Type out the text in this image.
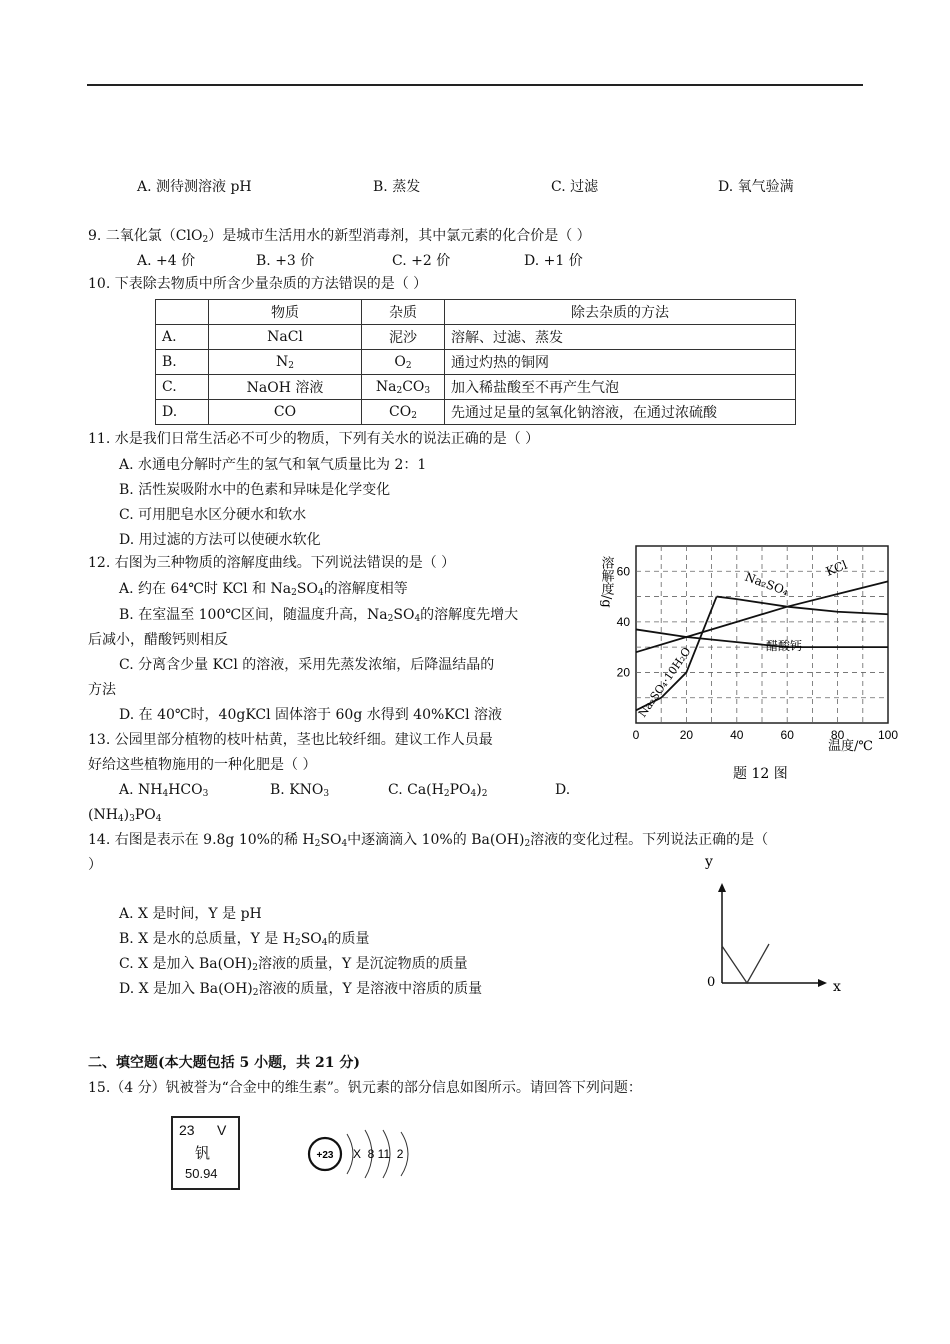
A. 测待测溶液 pH	B. 蒸发	C. 过滤	D. 氧气验满
9. 二氧化氯（ClO$_2$）是城市生活用水的新型消毒剂，其中氯元素的化合价是（ ）
A. +4 价	B. +3 价	C. +2 价	D. +1 价
10. 下表除去物质中所含少量杂质的方法错误的是（ ）
	物质	杂质	除去杂质的方法
A.	NaCl	泥沙	溶解、过滤、蒸发
B.	$N_2$	$O_2$	通过灼热的铜网
C.	NaOH 溶液	$Na_2CO_3$	加入稀盐酸至不再产生气泡
D.	CO	$CO_2$	先通过足量的氢氧化钠溶液，在通过浓硫酸
11. 水是我们日常生活必不可少的物质，下列有关水的说法正确的是（ ）
A. 水通电分解时产生的氢气和氧气质量比为 2：1
B. 活性炭吸附水中的色素和异味是化学变化
C. 可用肥皂水区分硬水和软水
D. 用过滤的方法可以使硬水软化
12. 右图为三种物质的溶解度曲线。下列说法错误的是（ ）
A. 约在 64℃时 KCl 和 $Na_2SO_4$的溶解度相等
B. 在室温至 100℃区间，随温度升高，$Na_2SO_4$的溶解度先增大
后减小，醋酸钙则相反
C. 分离含少量 KCl 的溶液，采用先蒸发浓缩，后降温结晶的
方法
D. 在 40℃时，40gKCl 固体溶于 60g 水得到 40%KCl 溶液
溶解度/g
0	20	40	60	80	100
20
40
60
温度/℃
题 12 图
Na₂SO₄
KCl
醋酸钙
Na₂SO₄·10H₂O
13. 公园里部分植物的枝叶枯黄，茎也比较纤细。建议工作人员最
好给这些植物施用的一种化肥是（ ）
A. $NH_4HCO_3$	B. $KNO_3$	C. $Ca(H_2PO_4)_2$	D.
$(NH_4)_3PO_4$
14. 右图是表示在 9.8g 10%的稀 $H_2SO_4$中逐滴滴入 10%的 $Ba(OH)_2$溶液的变化过程。下列说法正确的是（
）
A. X 是时间，Y 是 pH
B. X 是水的总质量，Y 是 $H_2SO_4$的质量
C. X 是加入 $Ba(OH)_2$溶液的质量，Y 是沉淀物质的质量
D. X 是加入 $Ba(OH)_2$溶液的质量，Y 是溶液中溶质的质量
y
0	x
二、填空题(本大题包括 5 小题，共 21 分)
15.（4 分）钒被誉为“合金中的维生素”。钒元素的部分信息如图所示。请回答下列问题：
23 V
钒
50.94
+23 X  8 11  2
